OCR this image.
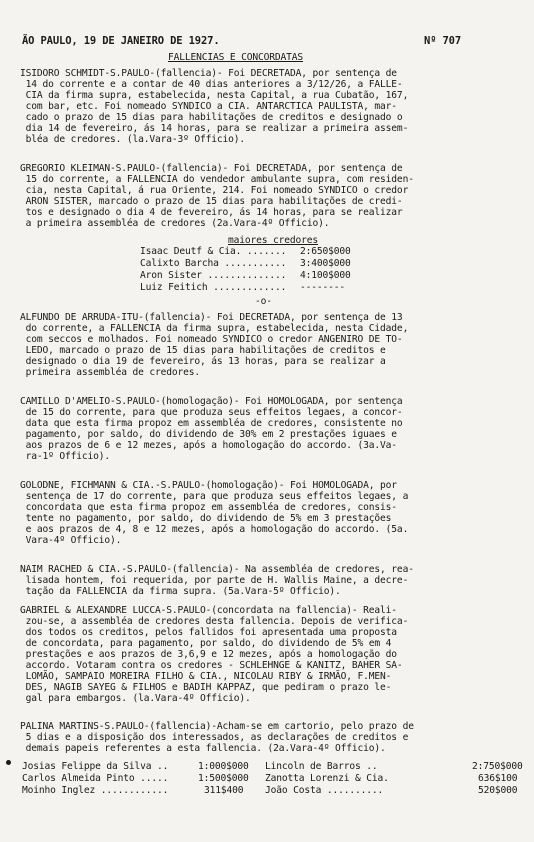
ÃO PAULO, 19 DE JANEIRO DE 1927.	Nº 707
FALLENCIAS E CONCORDATAS
ISIDORO SCHMIDT-S.PAULO-(fallencia)- Foi DECRETADA, por sentença de
14 do corrente e a contar de 40 dias anteriores a 3/12/26, a FALLE-
CIA da firma supra, estabelecida, nesta Capital, a rua Cubatão, 167,
com bar, etc. Foi nomeado SYNDICO a CIA. ANTARCTICA PAULISTA, mar-
cado o prazo de 15 dias para habilitações de creditos e designado o
dia 14 de fevereiro, ás 14 horas, para se realizar a primeira assem-
bléa de credores. (la.Vara-3º Officio).
GREGORIO KLEIMAN-S.PAULO-(fallencia)- Foi DECRETADA, por sentença de
15 do corrente, a FALLENCIA do vendedor ambulante supra, com residen-
cia, nesta Capital, á rua Oriente, 214. Foi nomeado SYNDICO o credor
ARON SISTER, marcado o prazo de 15 dias para habilitações de credi-
tos e designado o dia 4 de fevereiro, ás 14 horas, para se realizar
a primeira assembléa de credores (2a.Vara-4º Officio).
maiores credores
Isaac Deutf & Cia. ....... 2:650$000
Calixto Barcha ........... 3:400$000
Aron Sister .............. 4:100$000
Luiz Feitich ............. --------
-o-
ALFUNDO DE ARRUDA-ITU-(fallencia)- Foi DECRETADA, por sentença de 13
do corrente, a FALLENCIA da firma supra, estabelecida, nesta Cidade,
com seccos e molhados. Foi nomeado SYNDICO o credor ANGENIRO DE TO-
LEDO, marcado o prazo de 15 dias para habilitações de creditos e
designado o dia 19 de fevereiro, ás 13 horas, para se realizar a
primeira assembléa de credores.
CAMILLO D'AMELIO-S.PAULO-(homologação)- Foi HOMOLOGADA, por sentença
de 15 do corrente, para que produza seus effeitos legaes, a concor-
data que esta firma propoz em assembléa de credores, consistente no
pagamento, por saldo, do dividendo de 30% em 2 prestações iguaes e
aos prazos de 6 e 12 mezes, após a homologação do accordo. (3a.Va-
ra-1º Officio).
GOLODNE, FICHMANN & CIA.-S.PAULO-(homologação)- Foi HOMOLOGADA, por
sentença de 17 do corrente, para que produza seus effeitos legaes, a
concordata que esta firma propoz em assembléa de credores, consis-
tente no pagamento, por saldo, do dividendo de 5% em 3 prestações
e aos prazos de 4, 8 e 12 mezes, após a homologação do accordo. (5a.
Vara-4º Officio).
NAIM RACHED & CIA.-S.PAULO-(fallencia)- Na assembléa de credores, rea-
lisada hontem, foi requerida, por parte de H. Wallis Maine, a decre-
tação da FALLENCIA da firma supra. (5a.Vara-5º Officio).
GABRIEL & ALEXANDRE LUCCA-S.PAULO-(concordata na fallencia)- Reali-
zou-se, a assembléa de credores desta fallencia. Depois de verifica-
dos todos os creditos, pelos fallidos foi apresentada uma proposta
de concordata, para pagamento, por saldo, do dividendo de 5% em 4
prestações e aos prazos de 3,6,9 e 12 mezes, após a homologação do
accordo. Votaram contra os credores - SCHLEHNGE & KANITZ, BAHER SA-
LOMÃO, SAMPAIO MOREIRA FILHO & CIA., NICOLAU RIBY & IRMÃO, F.MEN-
DES, NAGIB SAYEG & FILHOS e BADIH KAPPAZ, que pediram o prazo le-
gal para embargos. (la.Vara-4º Officio).
PALINA MARTINS-S.PAULO-(fallencia)-Acham-se em cartorio, pelo prazo de
5 dias e a disposição dos interessados, as declarações de creditos e
demais papeis referentes a esta fallencia. (2a.Vara-4º Officio).
Josias Felippe da Silva ..	1:000$000 Lincoln de Barros ..	2:750$000
Carlos Almeida Pinto .....	1:500$000 Zanotta Lorenzi & Cia.	636$100
Moinho Inglez ............	311$400 João Costa ..........	520$000
